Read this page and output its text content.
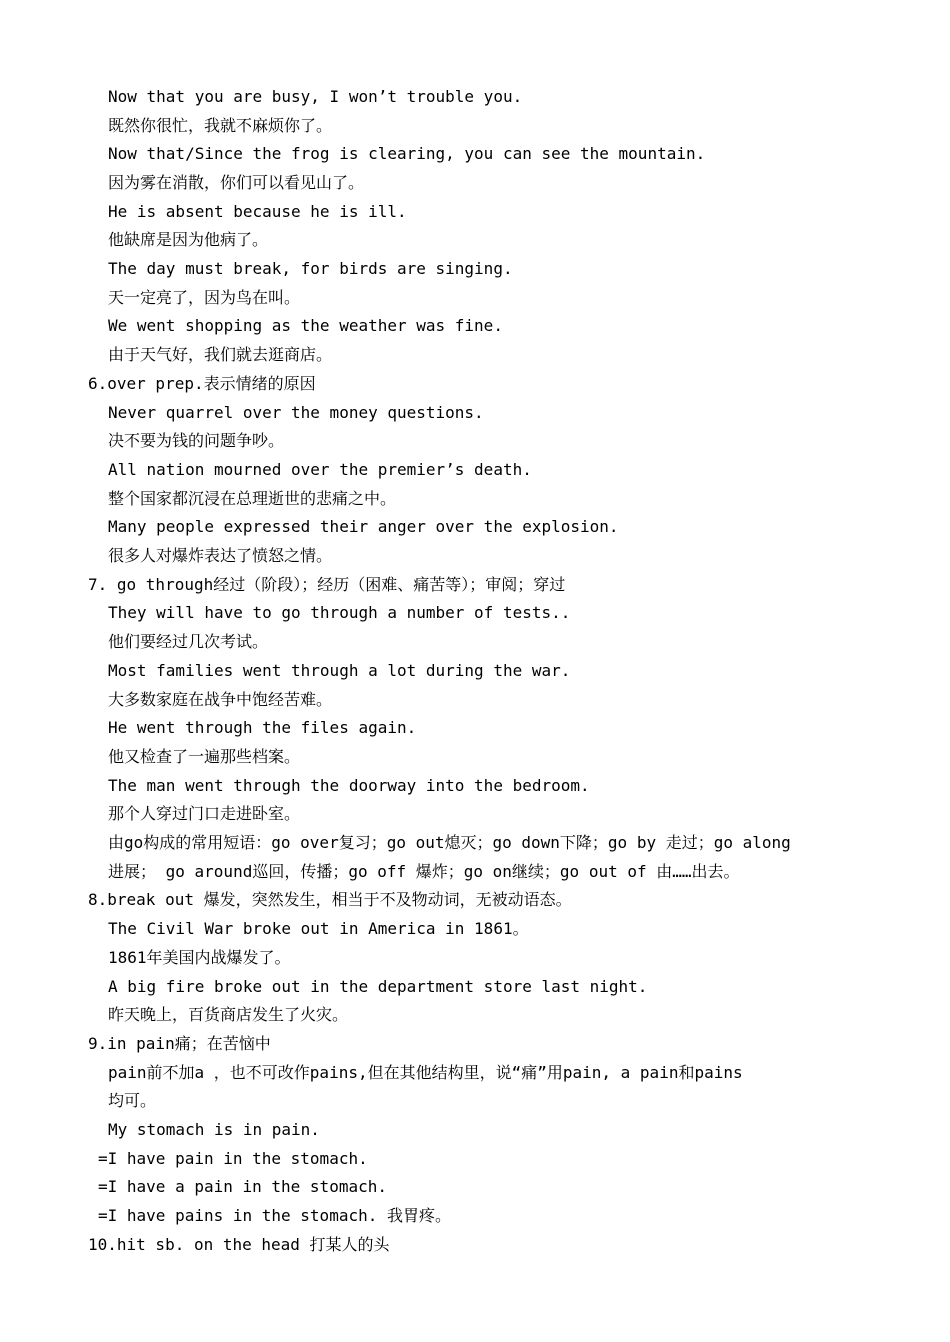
Now that you are busy, I won’t trouble you.
既然你很忙，我就不麻烦你了。
Now that/Since the frog is clearing, you can see the mountain.
因为雾在消散，你们可以看见山了。
He is absent because he is ill.
他缺席是因为他病了。
The day must break, for birds are singing.
天一定亮了，因为鸟在叫。
We went shopping as the weather was fine.
由于天气好，我们就去逛商店。
6.over prep.表示情绪的原因
Never quarrel over the money questions.
决不要为钱的问题争吵。
All nation mourned over the premier’s death.
整个国家都沉浸在总理逝世的悲痛之中。
Many people expressed their anger over the explosion.
很多人对爆炸表达了愤怒之情。
7. go through经过（阶段）；经历（困难、痛苦等）；审阅；穿过
They will have to go through a number of tests..
他们要经过几次考试。
Most families went through a lot during the war.
大多数家庭在战争中饱经苦难。
He went through the files again.
他又检查了一遍那些档案。
The man went through the doorway into the bedroom.
那个人穿过门口走进卧室。
由go构成的常用短语：go over复习；go out熄灭；go down下降；go by 走过；go along
进展； go around巡回，传播；go off 爆炸；go on继续；go out of 由……出去。
8.break out 爆发，突然发生，相当于不及物动词，无被动语态。
The Civil War broke out in America in 1861。
1861年美国内战爆发了。
A big fire broke out in the department store last night.
昨天晚上，百货商店发生了火灾。
9.in pain痛；在苦恼中
pain前不加a ，也不可改作pains,但在其他结构里，说“痛”用pain, a pain和pains
均可。
My stomach is in pain.
=I have pain in the stomach.
=I have a pain in the stomach.
=I have pains in the stomach. 我胃疼。
10.hit sb. on the head 打某人的头
